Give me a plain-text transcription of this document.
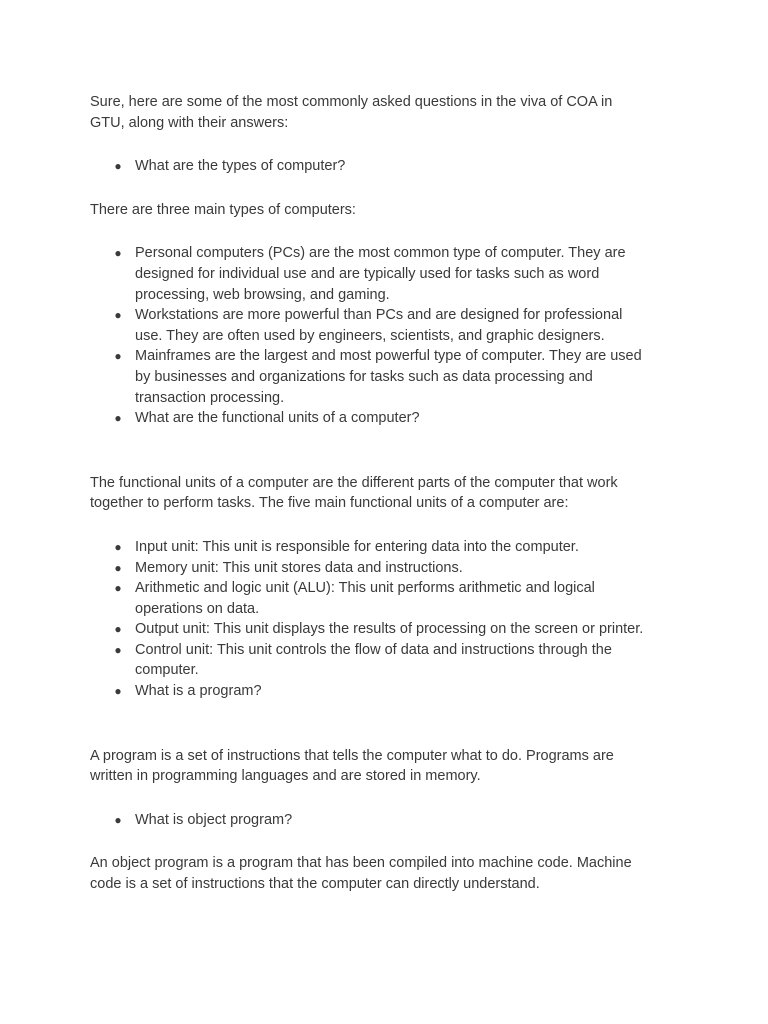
Sure, here are some of the most commonly asked questions in the viva of COA in GTU, along with their answers:

● What are the types of computer?

There are three main types of computers:

● Personal computers (PCs) are the most common type of computer. They are designed for individual use and are typically used for tasks such as word processing, web browsing, and gaming.
● Workstations are more powerful than PCs and are designed for professional use. They are often used by engineers, scientists, and graphic designers.
● Mainframes are the largest and most powerful type of computer. They are used by businesses and organizations for tasks such as data processing and transaction processing.
● What are the functional units of a computer?

The functional units of a computer are the different parts of the computer that work together to perform tasks. The five main functional units of a computer are:

● Input unit: This unit is responsible for entering data into the computer.
● Memory unit: This unit stores data and instructions.
● Arithmetic and logic unit (ALU): This unit performs arithmetic and logical operations on data.
● Output unit: This unit displays the results of processing on the screen or printer.
● Control unit: This unit controls the flow of data and instructions through the computer.
● What is a program?

A program is a set of instructions that tells the computer what to do. Programs are written in programming languages and are stored in memory.

● What is object program?

An object program is a program that has been compiled into machine code. Machine code is a set of instructions that the computer can directly understand.
